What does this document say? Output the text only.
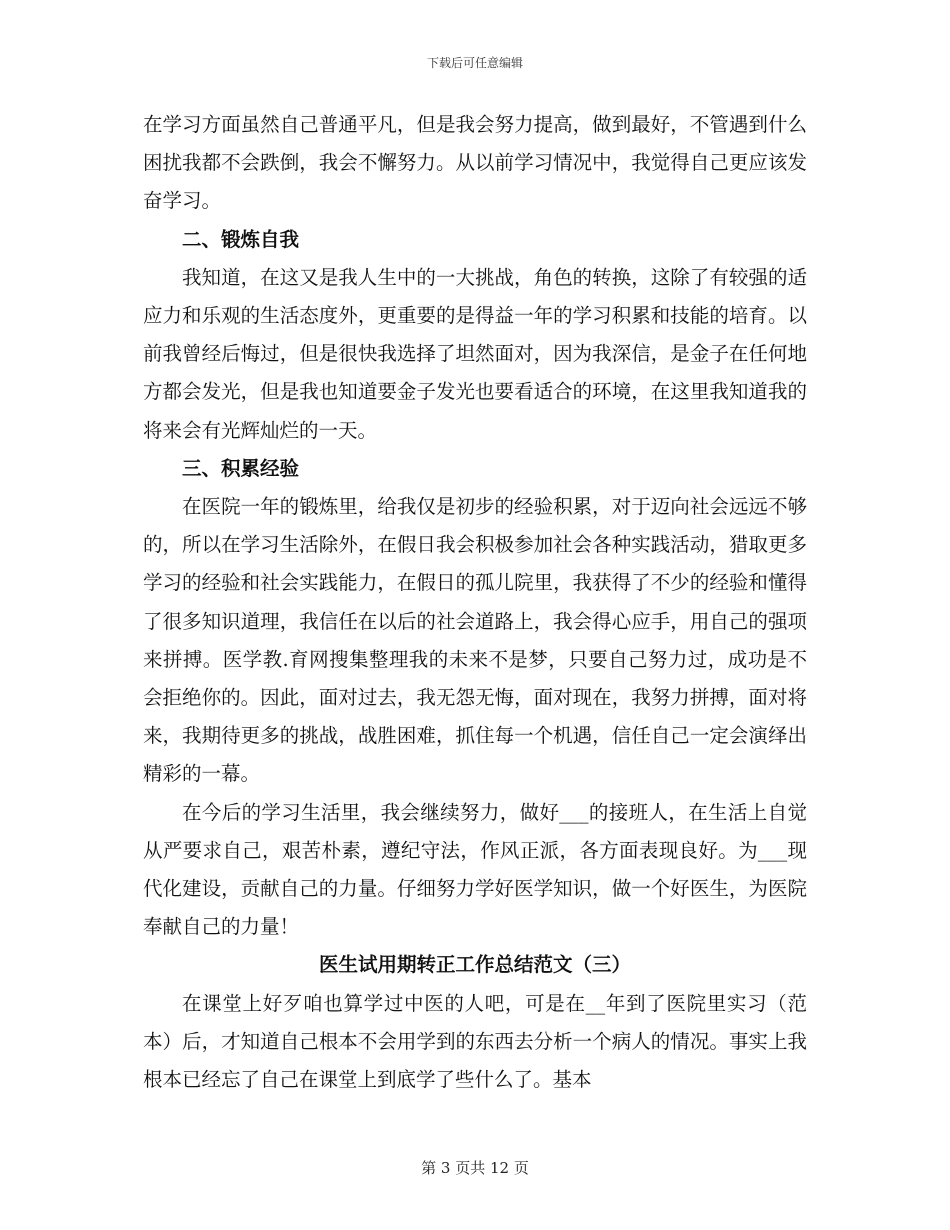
下载后可任意编辑

在学习方面虽然自己普通平凡，但是我会努力提高，做到最好，不管遇到什么困扰我都不会跌倒，我会不懈努力。从以前学习情况中，我觉得自己更应该发奋学习。

二、锻炼自我

我知道，在这又是我人生中的一大挑战，角色的转换，这除了有较强的适应力和乐观的生活态度外，更重要的是得益一年的学习积累和技能的培育。以前我曾经后悔过，但是很快我选择了坦然面对，因为我深信，是金子在任何地方都会发光，但是我也知道要金子发光也要看适合的环境，在这里我知道我的将来会有光辉灿烂的一天。

三、积累经验

在医院一年的锻炼里，给我仅是初步的经验积累，对于迈向社会远远不够的，所以在学习生活除外，在假日我会积极参加社会各种实践活动，猎取更多学习的经验和社会实践能力，在假日的孤儿院里，我获得了不少的经验和懂得了很多知识道理，我信任在以后的社会道路上，我会得心应手，用自己的强项来拼搏。医学教.育网搜集整理我的未来不是梦，只要自己努力过，成功是不会拒绝你的。因此，面对过去，我无怨无悔，面对现在，我努力拼搏，面对将来，我期待更多的挑战，战胜困难，抓住每一个机遇，信任自己一定会演绎出精彩的一幕。

在今后的学习生活里，我会继续努力，做好___的接班人，在生活上自觉从严要求自己，艰苦朴素，遵纪守法，作风正派，各方面表现良好。为___现代化建设，贡献自己的力量。仔细努力学好医学知识，做一个好医生，为医院奉献自己的力量！

医生试用期转正工作总结范文（三）

在课堂上好歹咱也算学过中医的人吧，可是在__年到了医院里实习（范本）后，才知道自己根本不会用学到的东西去分析一个病人的情况。事实上我根本已经忘了自己在课堂上到底学了些什么了。基本

第 3 页共 12 页
